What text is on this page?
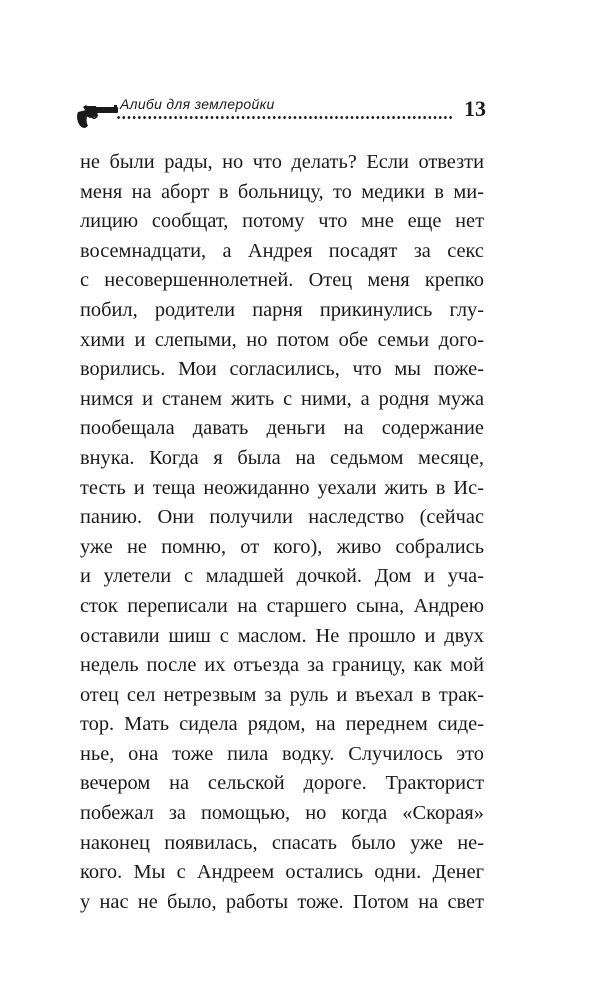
Алиби для землеройки	13
не были рады, но что делать? Если отвезти
меня на аборт в больницу, то медики в ми-
лицию сообщат, потому что мне еще нет
восемнадцати, а Андрея посадят за секс
с несовершеннолетней. Отец меня крепко
побил, родители парня прикинулись глу-
хими и слепыми, но потом обе семьи дого-
ворились. Мои согласились, что мы поже-
нимся и станем жить с ними, а родня мужа
пообещала давать деньги на содержание
внука. Когда я была на седьмом месяце,
тесть и теща неожиданно уехали жить в Ис-
панию. Они получили наследство (сейчас
уже не помню, от кого), живо собрались
и улетели с младшей дочкой. Дом и уча-
сток переписали на старшего сына, Андрею
оставили шиш с маслом. Не прошло и двух
недель после их отъезда за границу, как мой
отец сел нетрезвым за руль и въехал в трак-
тор. Мать сидела рядом, на переднем сиде-
нье, она тоже пила водку. Случилось это
вечером на сельской дороге. Тракторист
побежал за помощью, но когда «Скорая»
наконец появилась, спасать было уже не-
кого. Мы с Андреем остались одни. Денег
у нас не было, работы тоже. Потом на свет
